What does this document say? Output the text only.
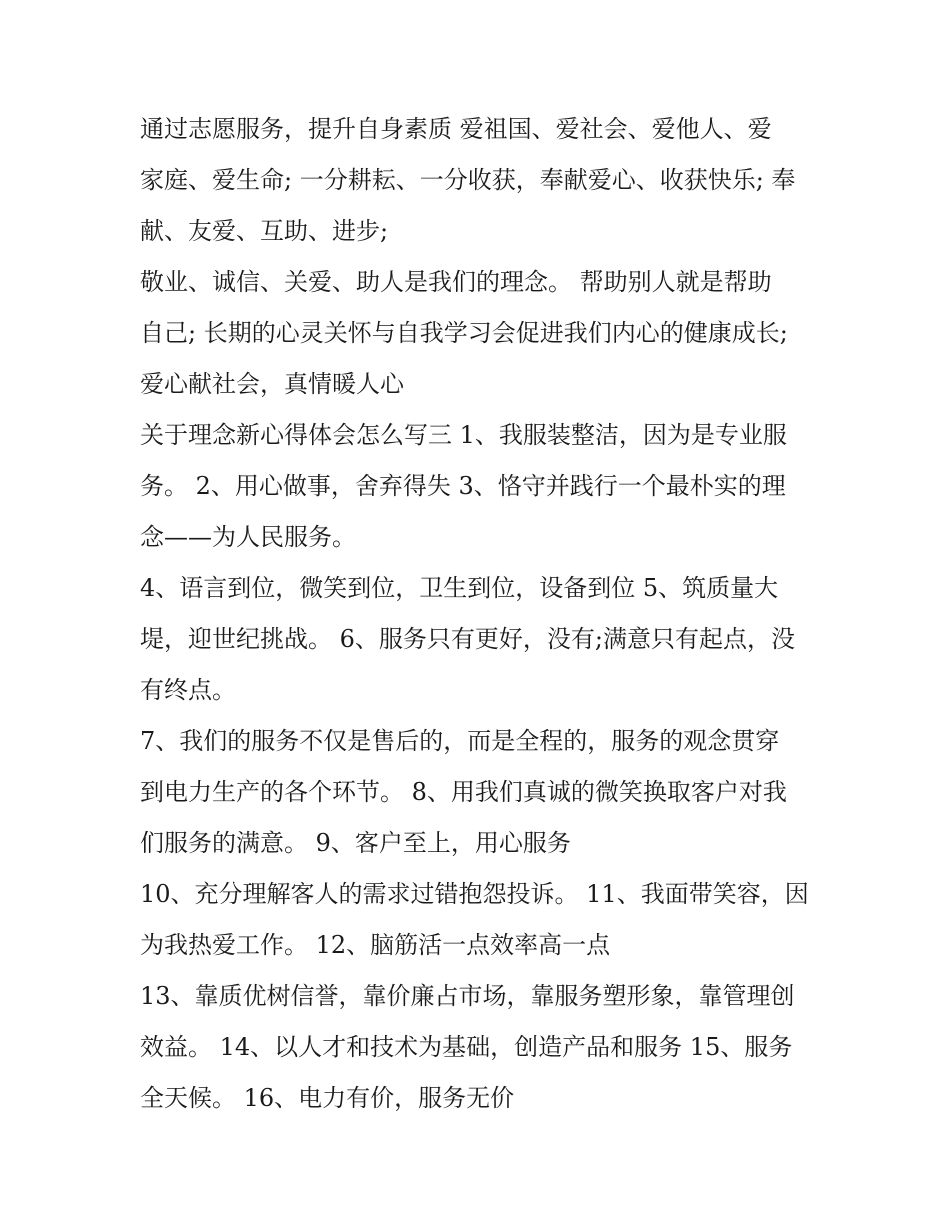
通过志愿服务，提升自身素质 爱祖国、爱社会、爱他人、爱
家庭、爱生命; 一分耕耘、一分收获，奉献爱心、收获快乐; 奉
献、友爱、互助、进步;
敬业、诚信、关爱、助人是我们的理念。 帮助别人就是帮助
自己; 长期的心灵关怀与自我学习会促进我们内心的健康成长;
爱心献社会，真情暖人心
关于理念新心得体会怎么写三 1、我服装整洁，因为是专业服
务。 2、用心做事，舍弃得失 3、恪守并践行一个最朴实的理
念——为人民服务。
4、语言到位，微笑到位，卫生到位，设备到位 5、筑质量大
堤，迎世纪挑战。 6、服务只有更好，没有;满意只有起点，没
有终点。
7、我们的服务不仅是售后的，而是全程的，服务的观念贯穿
到电力生产的各个环节。 8、用我们真诚的微笑换取客户对我
们服务的满意。 9、客户至上，用心服务
10、充分理解客人的需求过错抱怨投诉。 11、我面带笑容，因
为我热爱工作。 12、脑筋活一点效率高一点
13、靠质优树信誉，靠价廉占市场，靠服务塑形象，靠管理创
效益。 14、以人才和技术为基础，创造产品和服务 15、服务
全天候。 16、电力有价，服务无价
